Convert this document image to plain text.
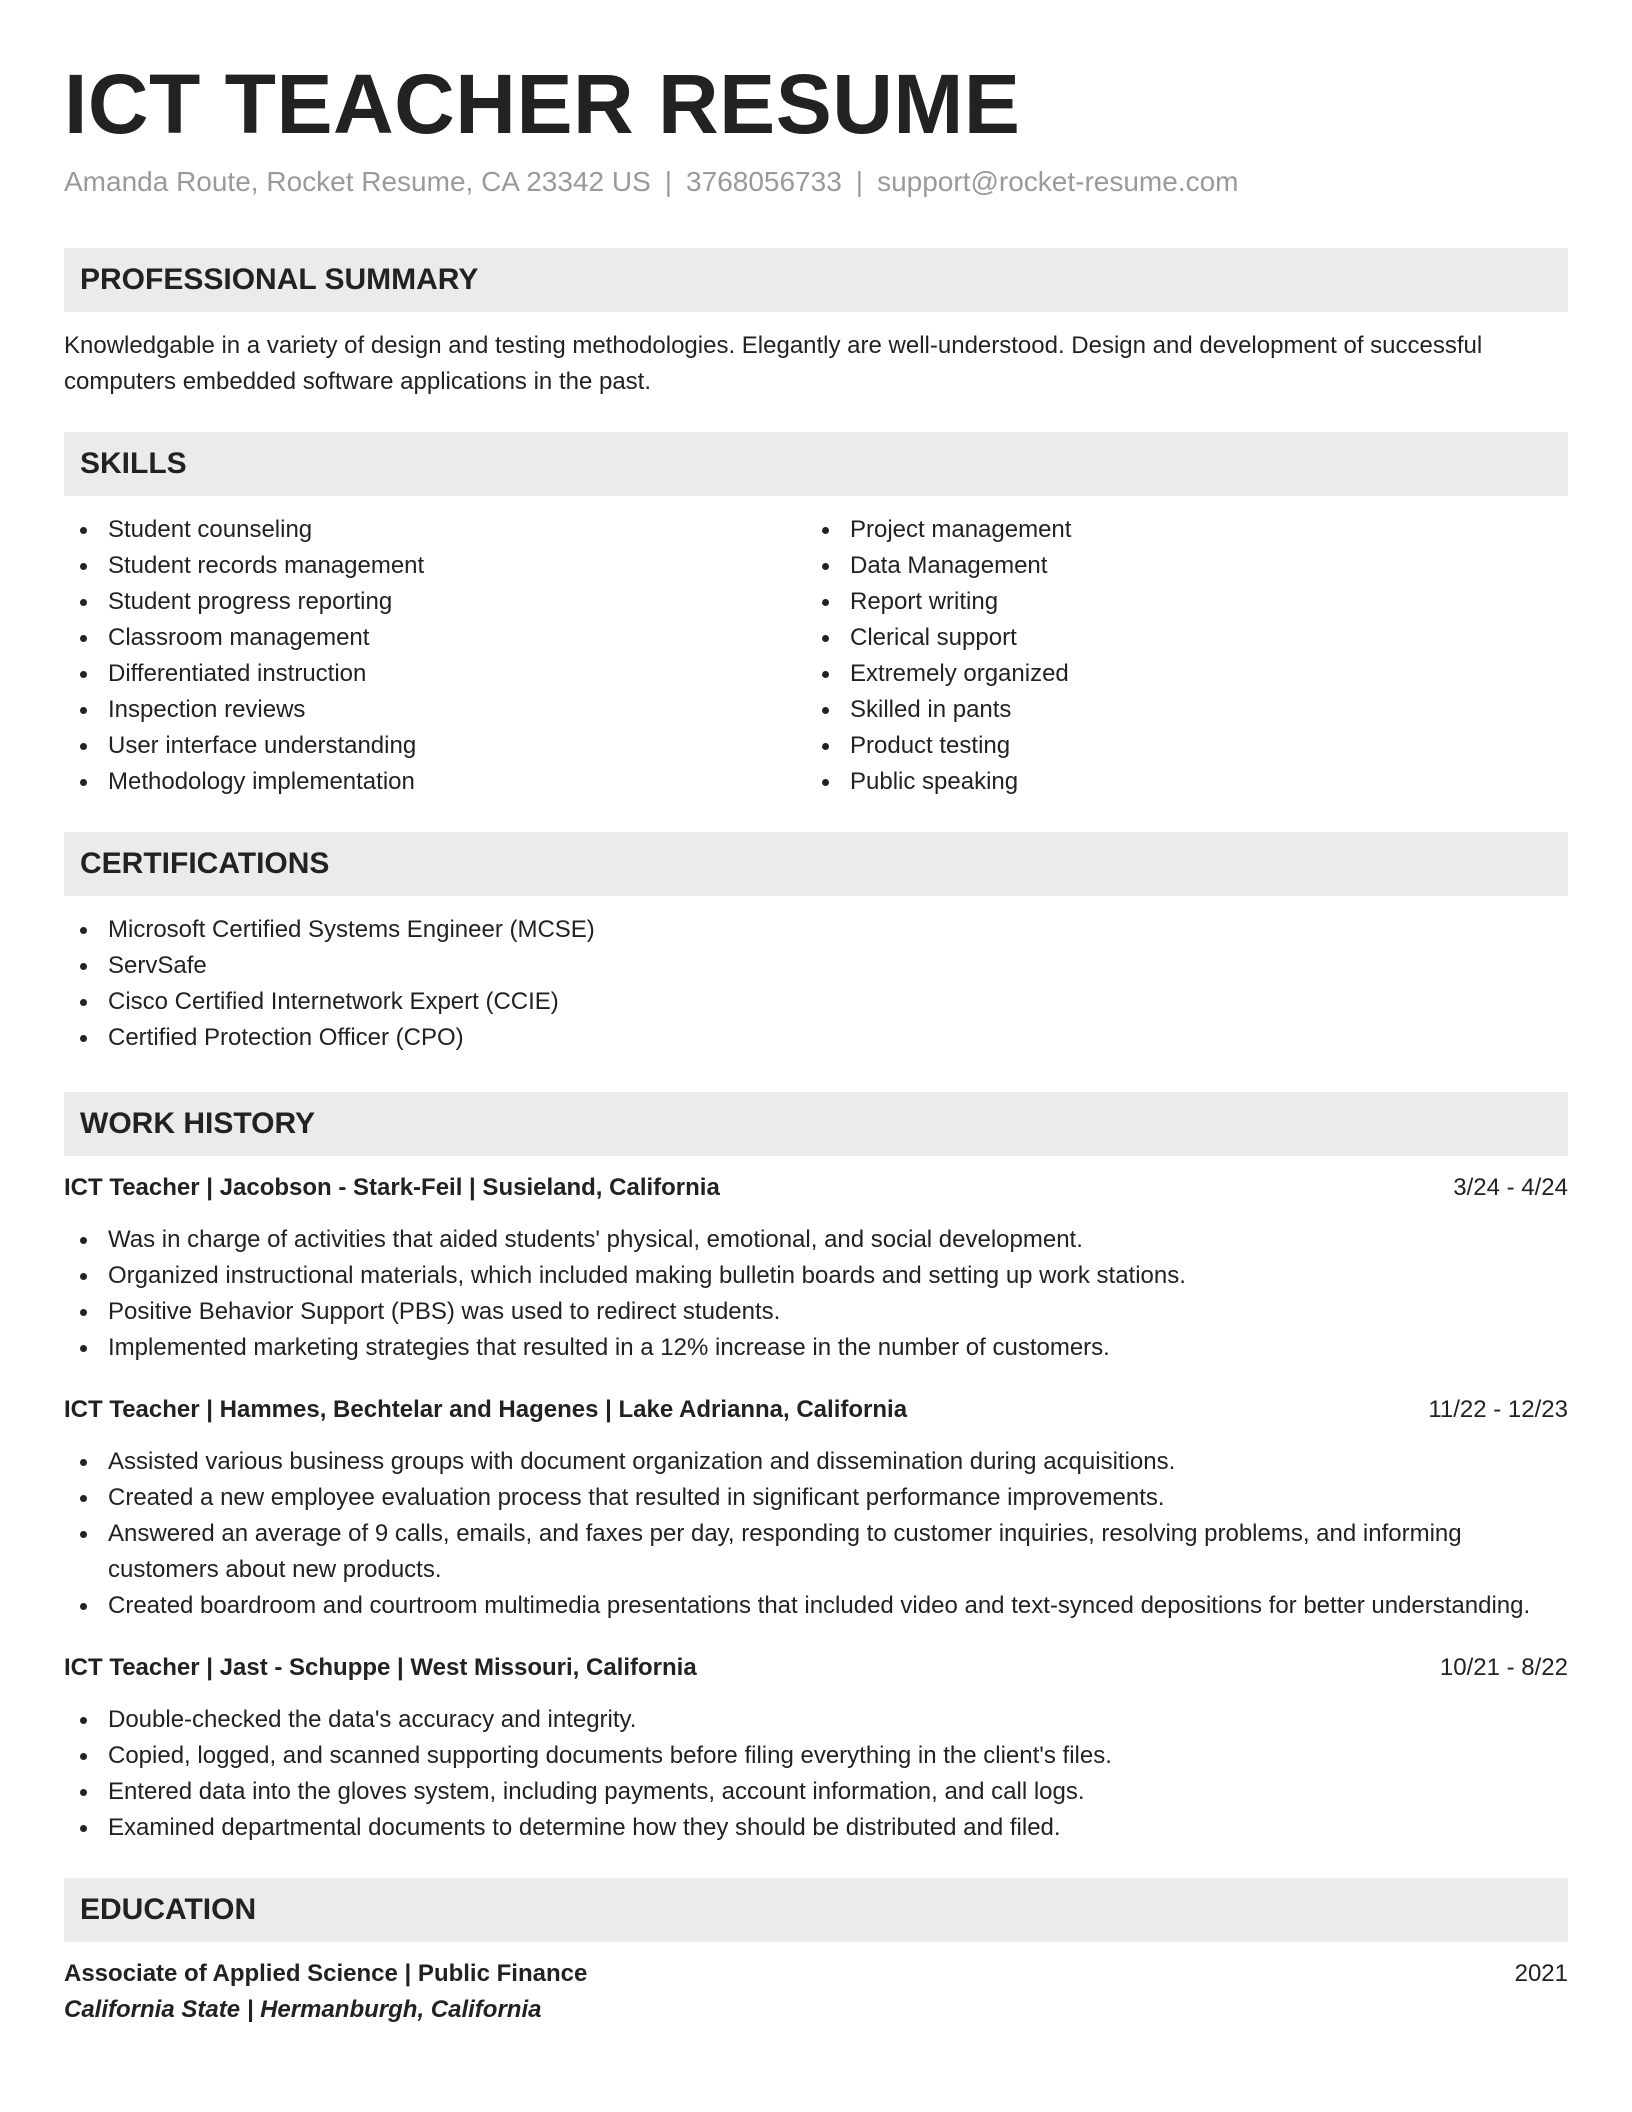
ICT TEACHER RESUME
Amanda Route, Rocket Resume, CA 23342 US | 3768056733 | support@rocket-resume.com
PROFESSIONAL SUMMARY

Knowledgable in a variety of design and testing methodologies. Elegantly are well-understood. Design and development of successful computers embedded software applications in the past.

SKILLS
Student counseling
Student records management
Student progress reporting
Classroom management
Differentiated instruction
Inspection reviews
User interface understanding
Methodology implementation
Project management
Data Management
Report writing
Clerical support
Extremely organized
Skilled in pants
Product testing
Public speaking
CERTIFICATIONS
Microsoft Certified Systems Engineer (MCSE)
ServSafe
Cisco Certified Internetwork Expert (CCIE)
Certified Protection Officer (CPO)
WORK HISTORY
ICT Teacher | Jacobson - Stark-Feil | Susieland, California	3/24 - 4/24
Was in charge of activities that aided students' physical, emotional, and social development.
Organized instructional materials, which included making bulletin boards and setting up work stations.
Positive Behavior Support (PBS) was used to redirect students.
Implemented marketing strategies that resulted in a 12% increase in the number of customers.
ICT Teacher | Hammes, Bechtelar and Hagenes | Lake Adrianna, California	11/22 - 12/23
Assisted various business groups with document organization and dissemination during acquisitions.
Created a new employee evaluation process that resulted in significant performance improvements.
Answered an average of 9 calls, emails, and faxes per day, responding to customer inquiries, resolving problems, and informing customers about new products.
Created boardroom and courtroom multimedia presentations that included video and text-synced depositions for better understanding.
ICT Teacher | Jast - Schuppe | West Missouri, California	10/21 - 8/22
Double-checked the data's accuracy and integrity.
Copied, logged, and scanned supporting documents before filing everything in the client's files.
Entered data into the gloves system, including payments, account information, and call logs.
Examined departmental documents to determine how they should be distributed and filed.
EDUCATION
Associate of Applied Science | Public Finance	2021
California State | Hermanburgh, California
